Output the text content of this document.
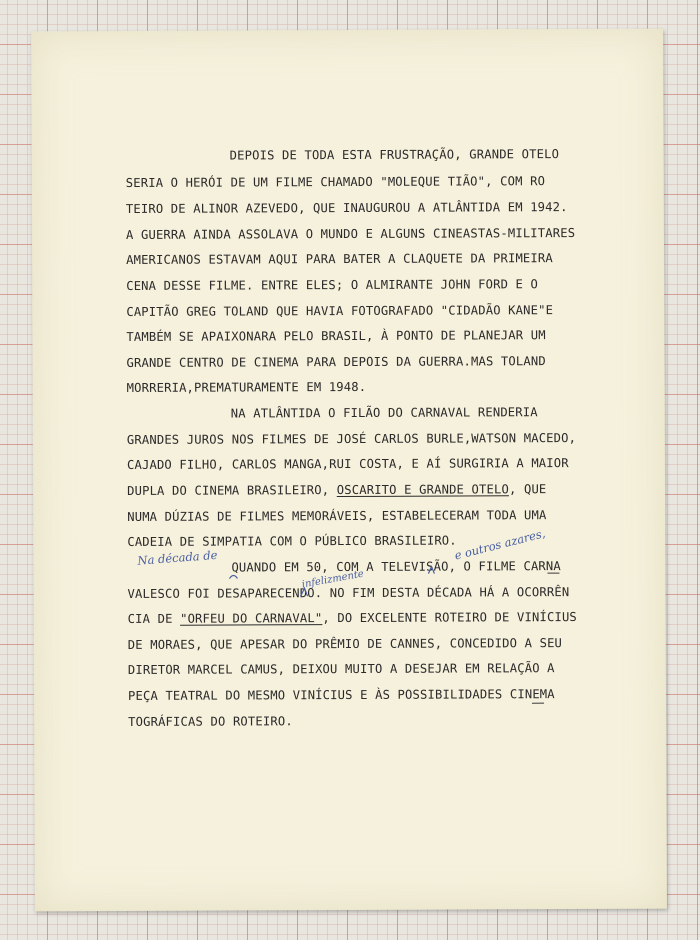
DEPOIS DE TODA ESTA FRUSTRAÇÃO, GRANDE OTELO
SERIA O HERÓI DE UM FILME CHAMADO "MOLEQUE TIÃO", COM RO
TEIRO DE ALINOR AZEVEDO, QUE INAUGUROU A ATLÂNTIDA EM 1942.
A GUERRA AINDA ASSOLAVA O MUNDO E ALGUNS CINEASTAS-MILITARES
AMERICANOS ESTAVAM AQUI PARA BATER A CLAQUETE DA PRIMEIRA
CENA DESSE FILME. ENTRE ELES; O ALMIRANTE JOHN FORD E O
CAPITÃO GREG TOLAND QUE HAVIA FOTOGRAFADO "CIDADÃO KANE"E
TAMBÉM SE APAIXONARA PELO BRASIL, À PONTO DE PLANEJAR UM
GRANDE CENTRO DE CINEMA PARA DEPOIS DA GUERRA.MAS TOLAND
MORRERIA,PREMATURAMENTE EM 1948.
NA ATLÂNTIDA O FILÃO DO CARNAVAL RENDERIA
GRANDES JUROS NOS FILMES DE JOSÉ CARLOS BURLE,WATSON MACEDO,
CAJADO FILHO, CARLOS MANGA,RUI COSTA, E AÍ SURGIRIA A MAIOR
DUPLA DO CINEMA BRASILEIRO, OSCARITO E GRANDE OTELO, QUE
NUMA DÚZIAS DE FILMES MEMORÁVEIS, ESTABELECERAM TODA UMA
CADEIA DE SIMPATIA COM O PÚBLICO BRASILEIRO.
QUANDO EM 50, COM A TELEVISÃO, O FILME CARNA
VALESCO FOI DESAPARECENDO. NO FIM DESTA DÉCADA HÁ A OCORRÊN
CIA DE "ORFEU DO CARNAVAL", DO EXCELENTE ROTEIRO DE VINÍCIUS
DE MORAES, QUE APESAR DO PRÊMIO DE CANNES, CONCEDIDO A SEU
DIRETOR MARCEL CAMUS, DEIXOU MUITO A DESEJAR EM RELAÇÃO A
PEÇA TEATRAL DO MESMO VINÍCIUS E ÀS POSSIBILIDADES CINEMA
TOGRÁFICAS DO ROTEIRO.
Na década de	e outros azares,
infelizmente
